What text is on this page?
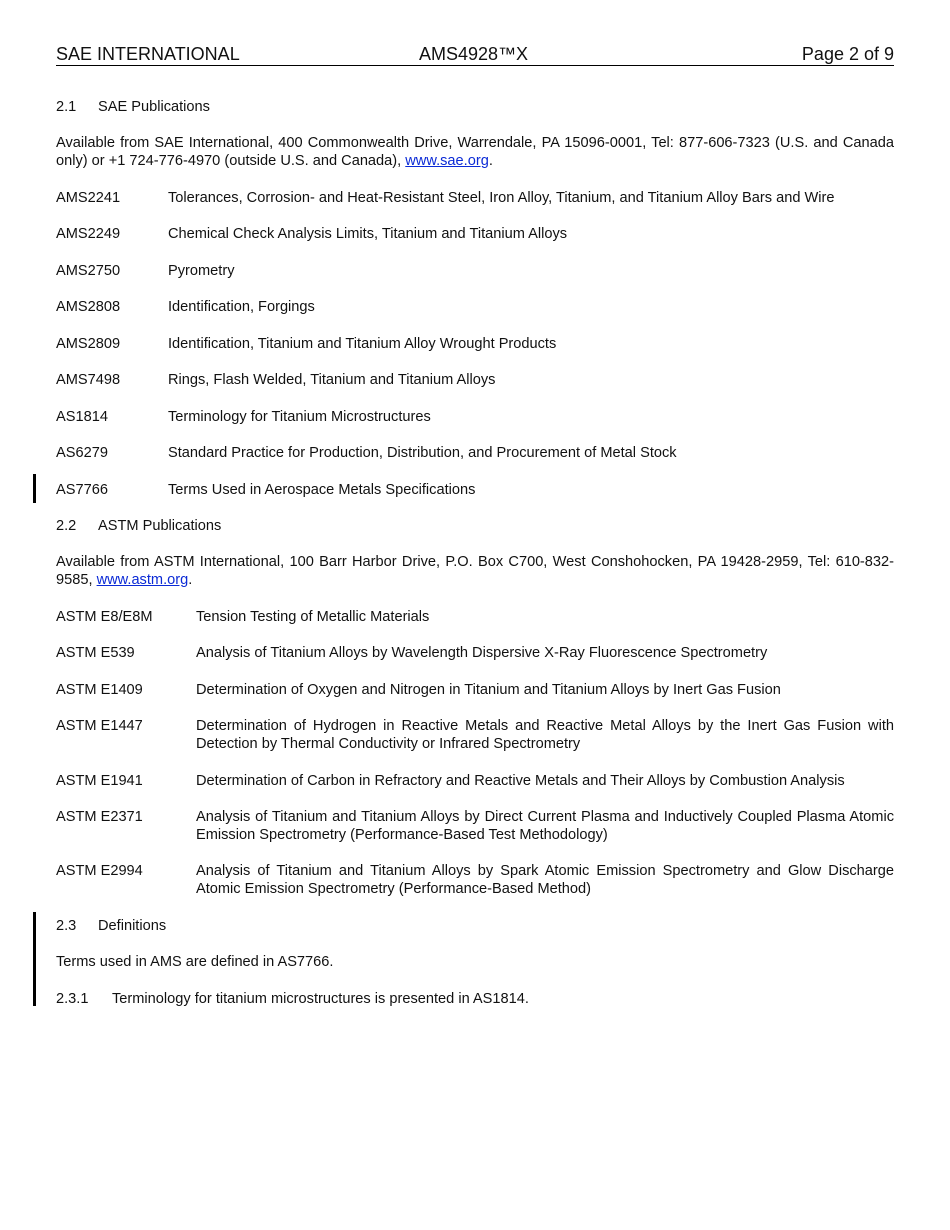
SAE INTERNATIONAL	AMS4928™X	Page 2 of 9
2.1 SAE Publications
Available from SAE International, 400 Commonwealth Drive, Warrendale, PA 15096-0001, Tel: 877-606-7323 (U.S. and Canada only) or +1 724-776-4970 (outside U.S. and Canada), www.sae.org.
AMS2241	Tolerances, Corrosion- and Heat-Resistant Steel, Iron Alloy, Titanium, and Titanium Alloy Bars and Wire
AMS2249	Chemical Check Analysis Limits, Titanium and Titanium Alloys
AMS2750	Pyrometry
AMS2808	Identification, Forgings
AMS2809	Identification, Titanium and Titanium Alloy Wrought Products
AMS7498	Rings, Flash Welded, Titanium and Titanium Alloys
AS1814	Terminology for Titanium Microstructures
AS6279	Standard Practice for Production, Distribution, and Procurement of Metal Stock
AS7766	Terms Used in Aerospace Metals Specifications
2.2 ASTM Publications
Available from ASTM International, 100 Barr Harbor Drive, P.O. Box C700, West Conshohocken, PA 19428-2959, Tel: 610-832-9585, www.astm.org.
ASTM E8/E8M	Tension Testing of Metallic Materials
ASTM E539	Analysis of Titanium Alloys by Wavelength Dispersive X-Ray Fluorescence Spectrometry
ASTM E1409	Determination of Oxygen and Nitrogen in Titanium and Titanium Alloys by Inert Gas Fusion
ASTM E1447	Determination of Hydrogen in Reactive Metals and Reactive Metal Alloys by the Inert Gas Fusion with Detection by Thermal Conductivity or Infrared Spectrometry
ASTM E1941	Determination of Carbon in Refractory and Reactive Metals and Their Alloys by Combustion Analysis
ASTM E2371	Analysis of Titanium and Titanium Alloys by Direct Current Plasma and Inductively Coupled Plasma Atomic Emission Spectrometry (Performance-Based Test Methodology)
ASTM E2994	Analysis of Titanium and Titanium Alloys by Spark Atomic Emission Spectrometry and Glow Discharge Atomic Emission Spectrometry (Performance-Based Method)
2.3 Definitions
Terms used in AMS are defined in AS7766.
2.3.1 Terminology for titanium microstructures is presented in AS1814.
